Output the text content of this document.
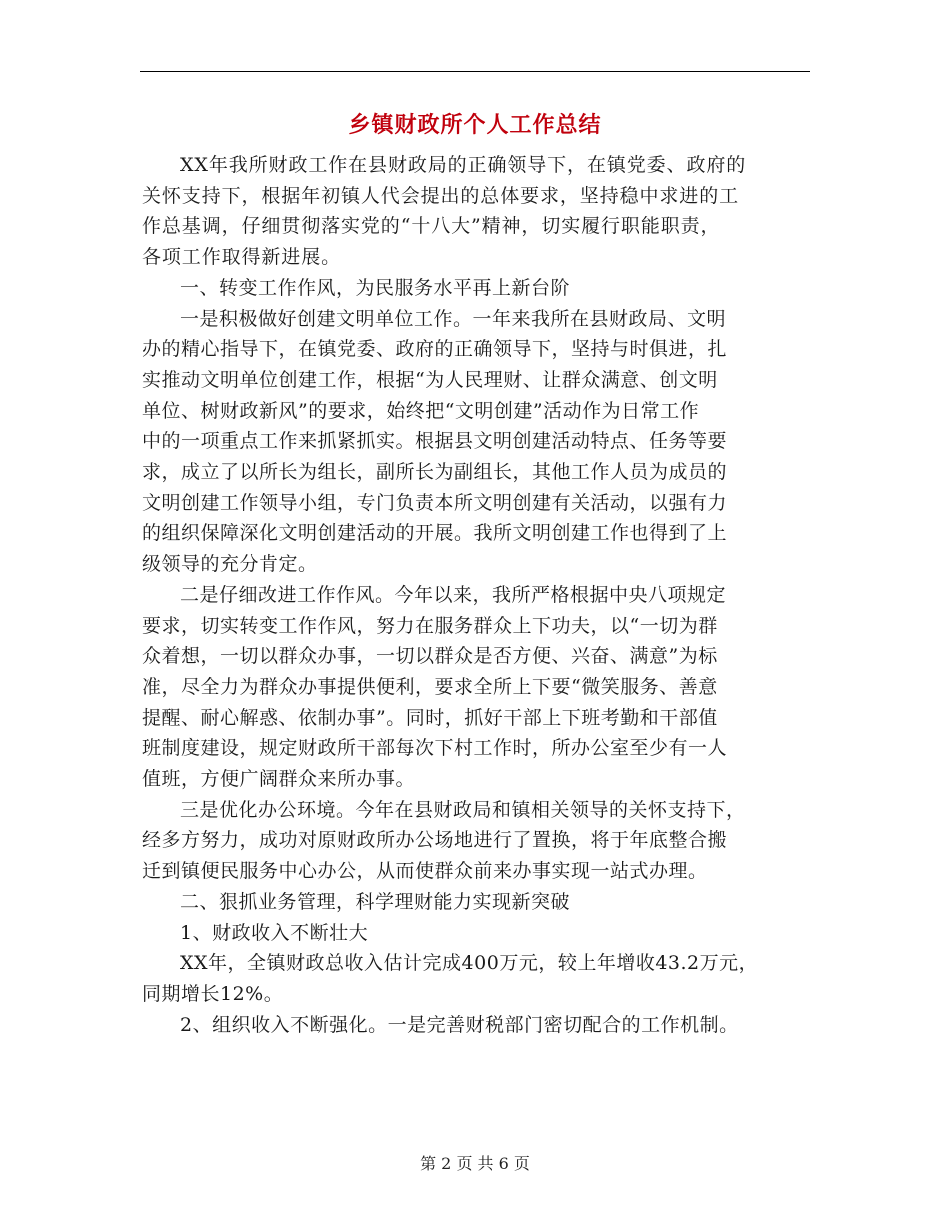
乡镇财政所个人工作总结

XX年我所财政工作在县财政局的正确领导下，在镇党委、政府的
关怀支持下，根据年初镇人代会提出的总体要求，坚持稳中求进的工
作总基调，仔细贯彻落实党的“十八大”精神，切实履行职能职责，
各项工作取得新进展。

一、转变工作作风，为民服务水平再上新台阶

一是积极做好创建文明单位工作。一年来我所在县财政局、文明
办的精心指导下，在镇党委、政府的正确领导下，坚持与时俱进，扎
实推动文明单位创建工作，根据“为人民理财、让群众满意、创文明
单位、树财政新风”的要求，始终把“文明创建”活动作为日常工作
中的一项重点工作来抓紧抓实。根据县文明创建活动特点、任务等要
求，成立了以所长为组长，副所长为副组长，其他工作人员为成员的
文明创建工作领导小组，专门负责本所文明创建有关活动，以强有力
的组织保障深化文明创建活动的开展。我所文明创建工作也得到了上
级领导的充分肯定。

二是仔细改进工作作风。今年以来，我所严格根据中央八项规定
要求，切实转变工作作风，努力在服务群众上下功夫，以“一切为群
众着想，一切以群众办事，一切以群众是否方便、兴奋、满意”为标
准，尽全力为群众办事提供便利，要求全所上下要“微笑服务、善意
提醒、耐心解惑、依制办事”。同时，抓好干部上下班考勤和干部值
班制度建设，规定财政所干部每次下村工作时，所办公室至少有一人
值班，方便广阔群众来所办事。

三是优化办公环境。今年在县财政局和镇相关领导的关怀支持下，
经多方努力，成功对原财政所办公场地进行了置换，将于年底整合搬
迁到镇便民服务中心办公，从而使群众前来办事实现一站式办理。

二、狠抓业务管理，科学理财能力实现新突破

1、财政收入不断壮大

XX年，全镇财政总收入估计完成400万元，较上年增收43.2万元，
同期增长12%。

2、组织收入不断强化。一是完善财税部门密切配合的工作机制。

第 2 页 共 6 页
